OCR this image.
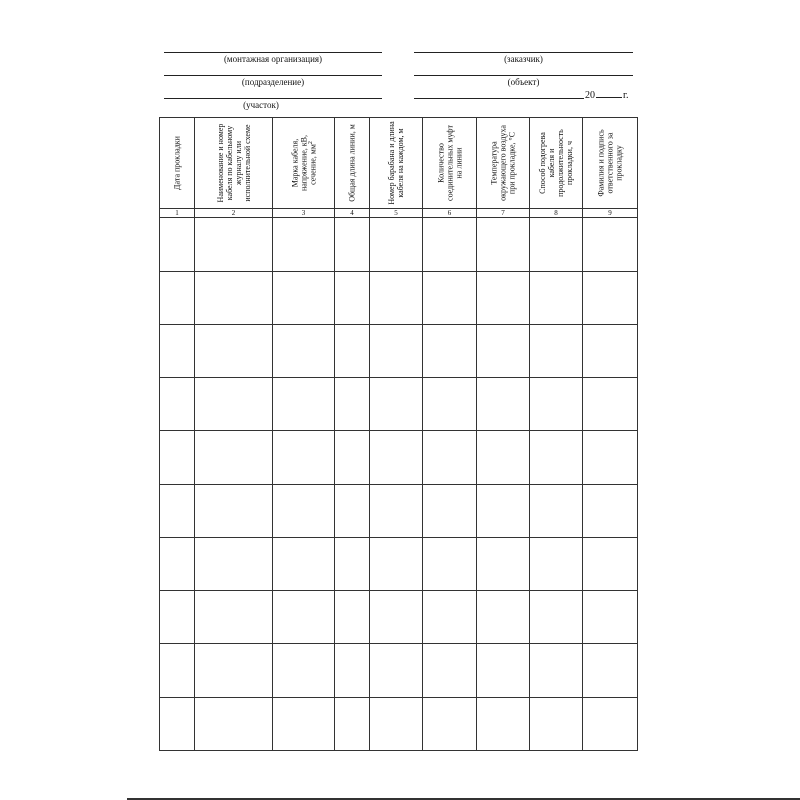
(монтажная организация)
(подразделение)
(участок)
(заказчик)
(объект)
20	г.
Дата прокладки	Наименование и номер кабеля по кабельному журналу или исполнительной схеме	Марка кабеля, напряжение, кВ, сечение, $мм^2$	Общая длина линии, м	Номер барабана и длина кабеля на каждом, м	Количество соединительных муфт на линии	Температура окружающего воздуха при прокладке, °С	Способ подогрева кабеля и продолжительность прокладки, ч	Фамилия и подпись ответственного за прокладку

1	2	3	4	5	6	7	8	9
